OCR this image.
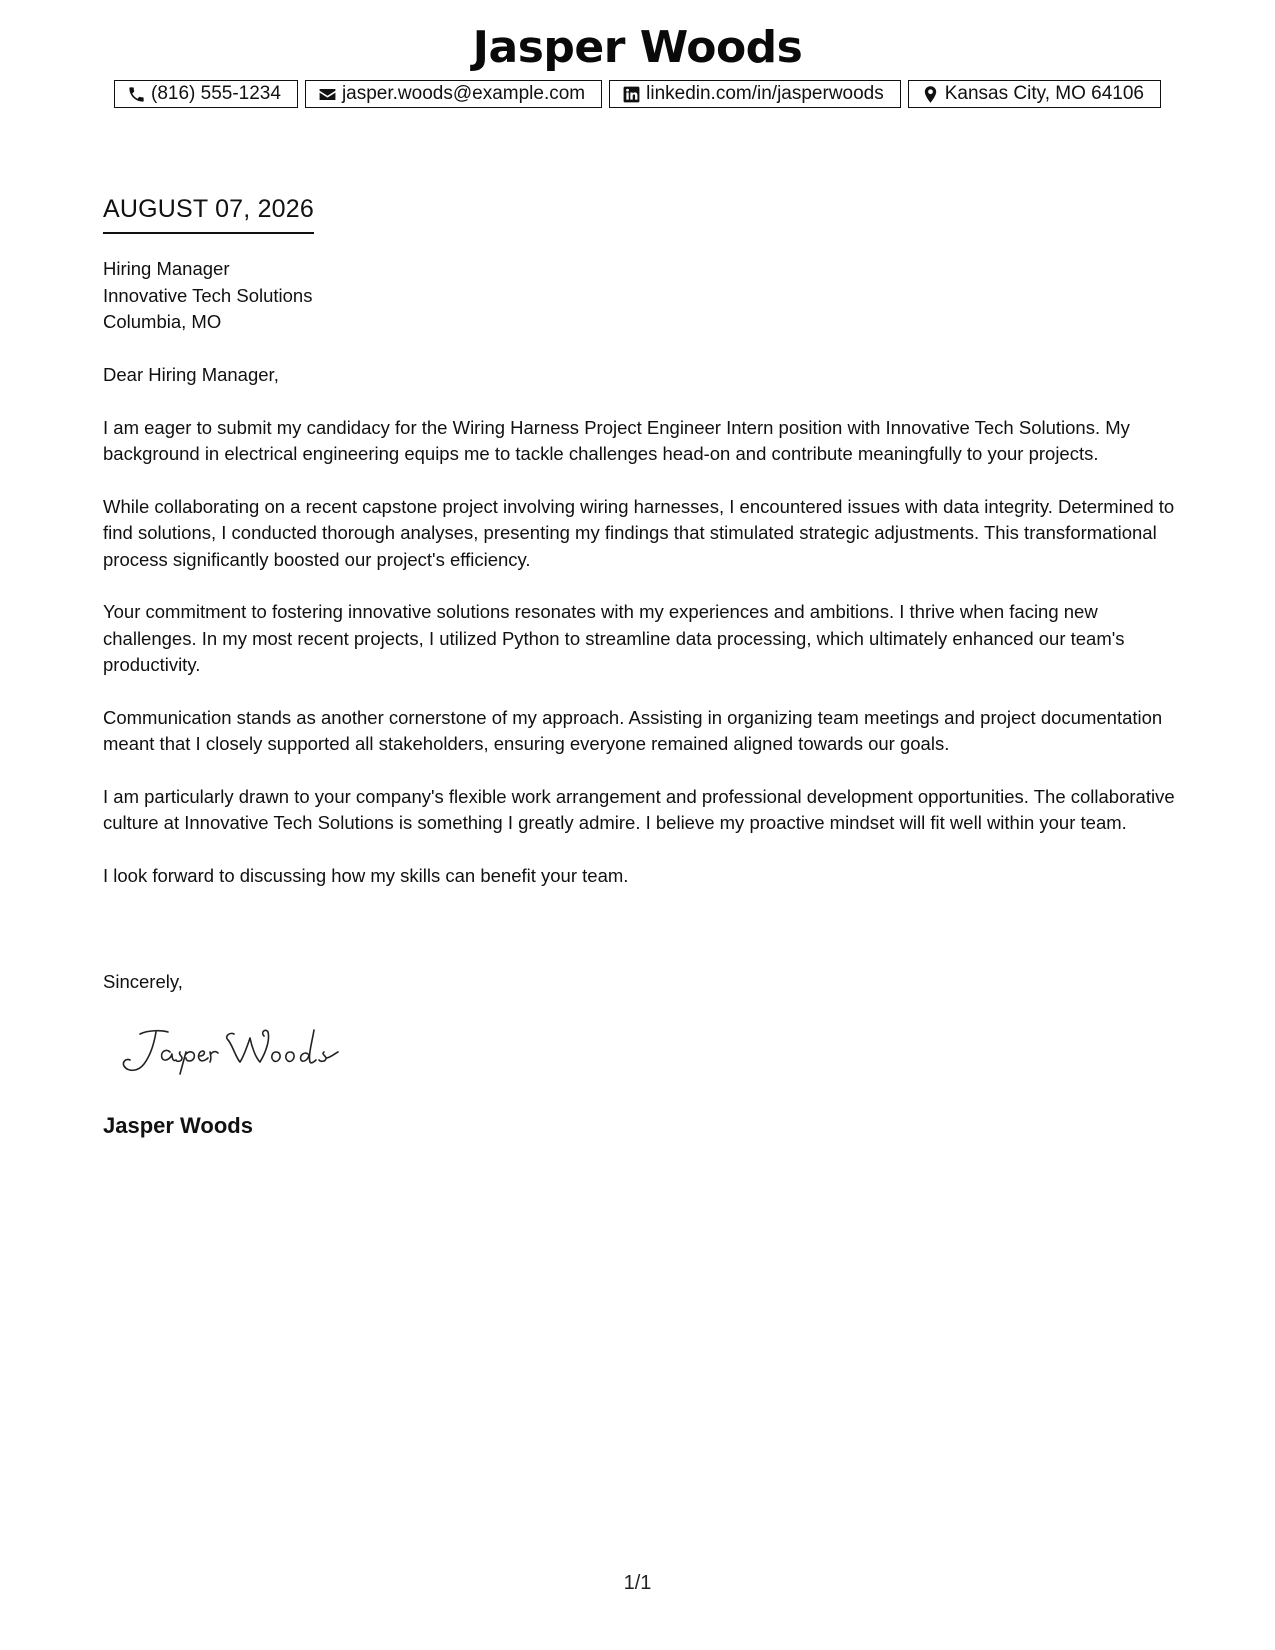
Jasper Woods
(816) 555-1234	jasper.woods@example.com	linkedin.com/in/jasperwoods	Kansas City, MO 64106
AUGUST 07, 2026
Hiring Manager
Innovative Tech Solutions
Columbia, MO

Dear Hiring Manager,

I am eager to submit my candidacy for the Wiring Harness Project Engineer Intern position with Innovative Tech Solutions. My background in electrical engineering equips me to tackle challenges head-on and contribute meaningfully to your projects.

While collaborating on a recent capstone project involving wiring harnesses, I encountered issues with data integrity. Determined to find solutions, I conducted thorough analyses, presenting my findings that stimulated strategic adjustments. This transformational process significantly boosted our project's efficiency.

Your commitment to fostering innovative solutions resonates with my experiences and ambitions. I thrive when facing new challenges. In my most recent projects, I utilized Python to streamline data processing, which ultimately enhanced our team's productivity.

Communication stands as another cornerstone of my approach. Assisting in organizing team meetings and project documentation meant that I closely supported all stakeholders, ensuring everyone remained aligned towards our goals.

I am particularly drawn to your company's flexible work arrangement and professional development opportunities. The collaborative culture at Innovative Tech Solutions is something I greatly admire. I believe my proactive mindset will fit well within your team.

I look forward to discussing how my skills can benefit your team.

Sincerely,
Jasper Woods
1/1
